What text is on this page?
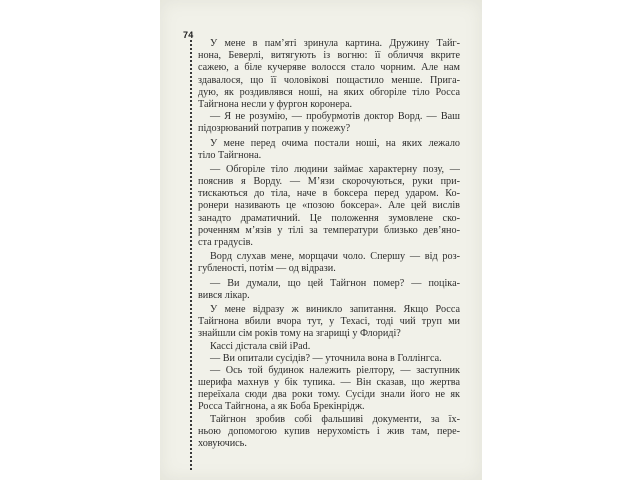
74
У мене в пам’яті зринула картина. Дружину Тайг-
нона, Беверлі, витягують із вогню: її обличчя вкрите
сажею, а біле кучеряве волосся стало чорним. Але нам
здавалося, що її чоловікові пощастило менше. Прига-
дую, як роздивлявся ноші, на яких обгоріле тіло Росса
Тайгнона несли у фургон коронера.
— Я не розумію, — пробурмотів доктор Ворд. — Ваш
підозрюваний потрапив у пожежу?
У мене перед очима постали ноші, на яких лежало
тіло Тайгнона.
— Обгоріле тіло людини займає характерну позу, —
пояснив я Ворду. — М’язи скорочуються, руки при-
тискаються до тіла, наче в боксера перед ударом. Ко-
ронери називають це «позою боксера». Але цей вислів
занадто драматичний. Це положення зумовлене ско-
роченням м’язів у тілі за температури близько дев’яно-
ста градусів.
Ворд слухав мене, морщачи чоло. Спершу — від роз-
губленості, потім — од відрази.
— Ви думали, що цей Тайгнон помер? — поціка-
вився лікар.
У мене відразу ж виникло запитання. Якщо Росса
Тайгнона вбили вчора тут, у Техасі, тоді чий труп ми
знайшли сім років тому на згарищі у Флориді?
Кассі дістала свій iPad.
— Ви опитали сусідів? — уточнила вона в Голлінгса.
— Ось той будинок належить ріелтору, — заступник
шерифа махнув у бік тупика. — Він сказав, що жертва
переїхала сюди два роки тому. Сусіди знали його не як
Росса Тайгнона, а як Боба Брекінрідж.
Тайгнон зробив собі фальшиві документи, за їх-
ньою допомогою купив нерухомість і жив там, пере-
ховуючись.
